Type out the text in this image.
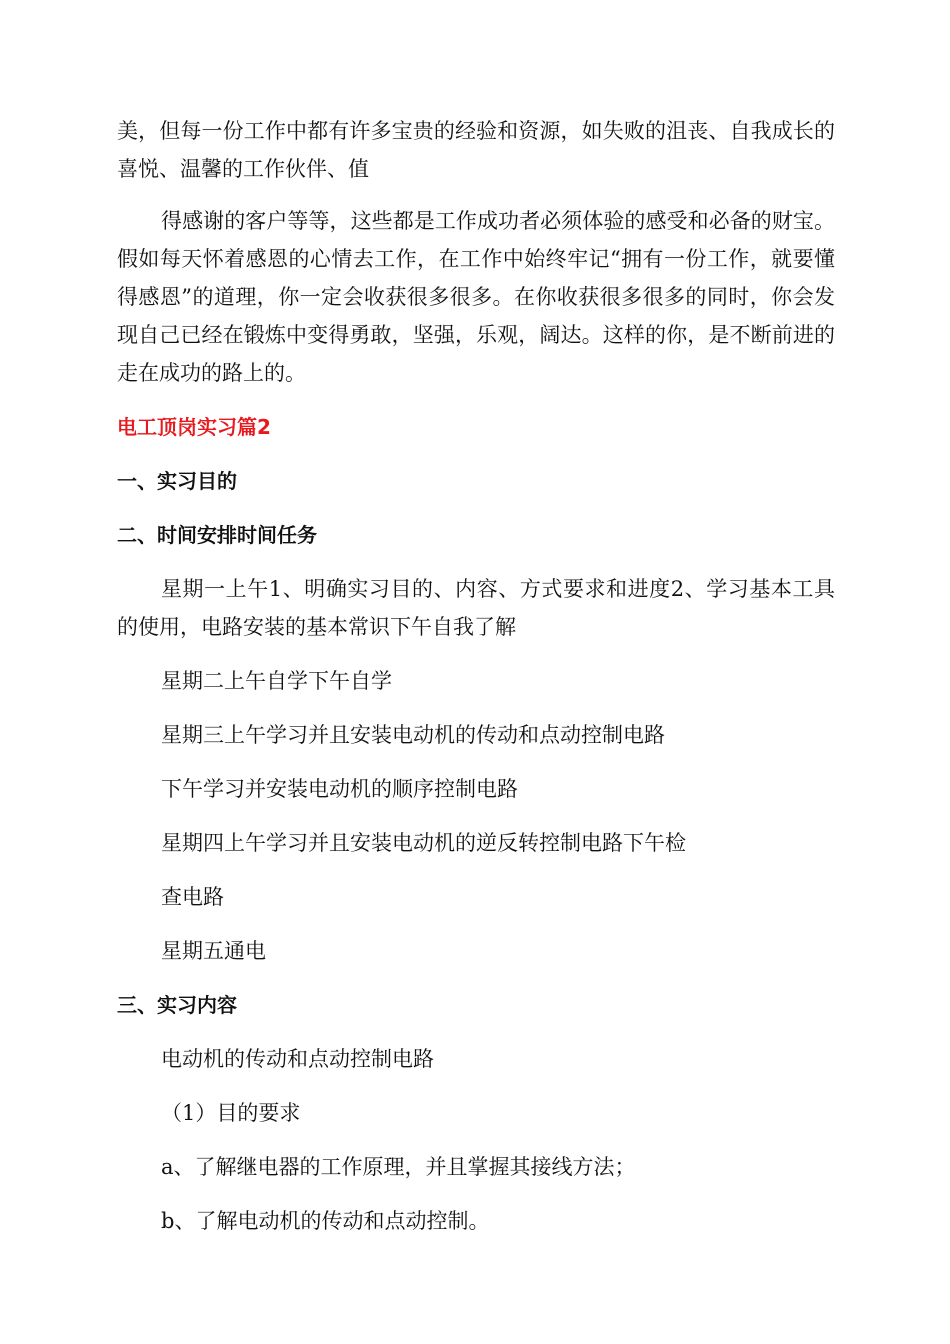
美，但每一份工作中都有许多宝贵的经验和资源，如失败的沮丧、自我成长的喜悦、温馨的工作伙伴、值

得感谢的客户等等，这些都是工作成功者必须体验的感受和必备的财宝。假如每天怀着感恩的心情去工作，在工作中始终牢记“拥有一份工作，就要懂得感恩”的道理，你一定会收获很多很多。在你收获很多很多的同时，你会发现自己已经在锻炼中变得勇敢，坚强，乐观，阔达。这样的你，是不断前进的走在成功的路上的。

电工顶岗实习篇2
一、实习目的
二、时间安排时间任务

星期一上午1、明确实习目的、内容、方式要求和进度2、学习基本工具的使用，电路安装的基本常识下午自我了解

星期二上午自学下午自学
星期三上午学习并且安装电动机的传动和点动控制电路
下午学习并安装电动机的顺序控制电路
星期四上午学习并且安装电动机的逆反转控制电路下午检
查电路
星期五通电
三、实习内容
电动机的传动和点动控制电路
（1）目的要求
a、了解继电器的工作原理，并且掌握其接线方法；
b、了解电动机的传动和点动控制。
